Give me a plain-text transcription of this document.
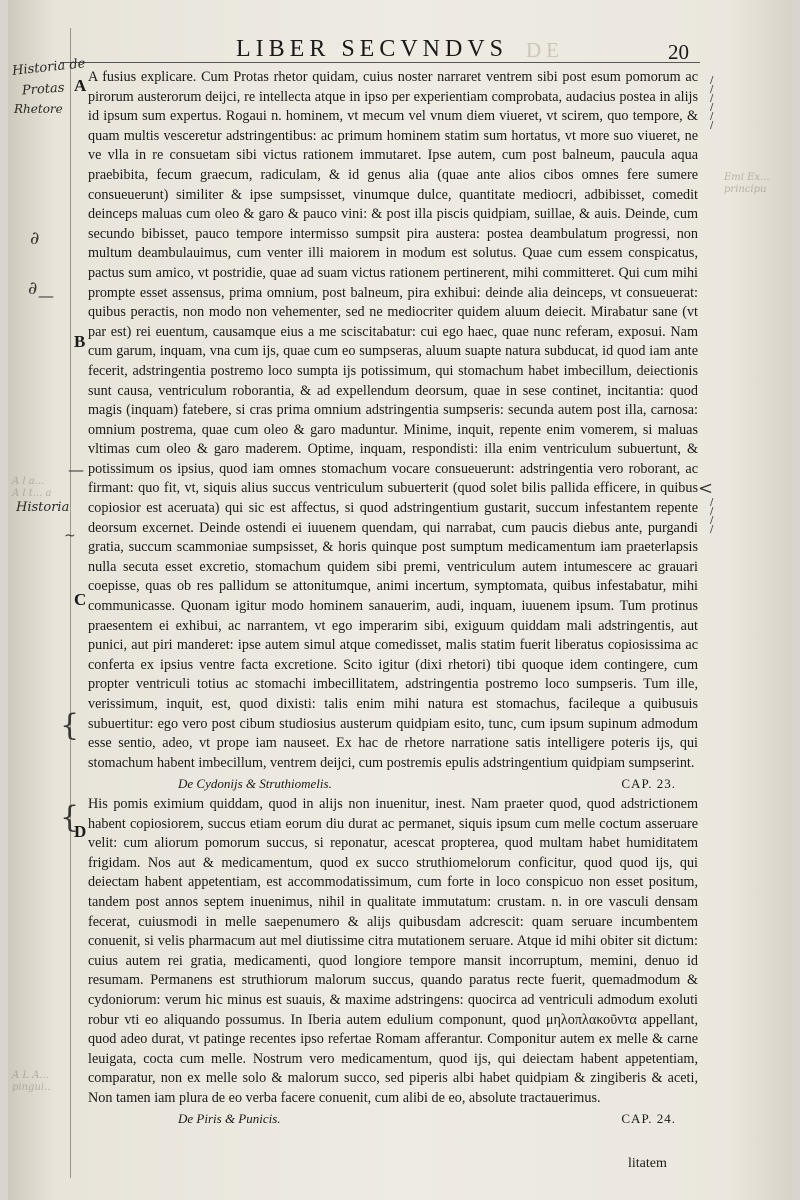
Emi Ex...
principu
A l a...
A l t... a
A L A...
pingui..
LIBER SECVNDVS DE	20
Historia de
Protas
Rhetore
Historia
∂
∂ —
—
{
{
~
<
/
/
/
/
/
/
/
/
/
/
A
B
C
D

A fusius explicare. Cum Protas rhetor quidam, cuius noster narraret ventrem sibi post esum pomorum ac pirorum austerorum deijci, re intellecta atque in ipso per experientiam comprobata, audacius postea in alijs id ipsum sum expertus. Rogaui n. hominem, vt mecum vel vnum diem viueret, vt scirem, quo tempore, & quam multis vesceretur adstringentibus: ac primum hominem statim sum hortatus, vt more suo viueret, ne ve vlla in re consuetam sibi victus rationem immutaret. Ipse autem, cum post balneum, paucula aqua praebibita, fecum graecum, radiculam, & id genus alia (quae ante alios cibos omnes fere sumere consueuerunt) similiter & ipse sumpsisset, vinumque dulce, quantitate mediocri, adbibisset, comedit deinceps maluas cum oleo & garo & pauco vini: & post illa piscis quidpiam, suillae, & auis. Deinde, cum secundo bibisset, pauco tempore intermisso sumpsit pira austera: postea deambulatum progressi, non multum deambulauimus, cum venter illi maiorem in modum est solutus. Quae cum essem conspicatus, pactus sum amico, vt postridie, quae ad suam victus rationem pertinerent, mihi committeret. Qui cum mihi prompte esset assensus, prima omnium, post balneum, pira exhibui: deinde alia deinceps, vt consueuerat: quibus peractis, non modo non vehementer, sed ne mediocriter quidem aluum deiecit. Mirabatur sane (vt par est) rei euentum, causamque eius a me sciscitabatur: cui ego haec, quae nunc referam, exposui. Nam cum garum, inquam, vna cum ijs, quae cum eo sumpseras, aluum suapte natura subducat, id quod iam ante fecerit, adstringentia postremo loco sumpta ijs potissimum, qui stomachum habet imbecillum, deiectionis sunt causa, ventriculum roborantia, & ad expellendum deorsum, quae in sese continet, incitantia: quod magis (inquam) fatebere, si cras prima omnium adstringentia sumpseris: secunda autem post illa, carnosa: omnium postrema, quae cum oleo & garo maduntur. Minime, inquit, repente enim vomerem, si maluas vltimas cum oleo & garo maderem. Optime, inquam, respondisti: illa enim ventriculum subuertunt, & potissimum os ipsius, quod iam omnes stomachum vocare consueuerunt: adstringentia vero roborant, ac firmant: quo fit, vt, siquis alius succus ventriculum subuerterit (quod solet bilis pallida efficere, in quibus copiosior est aceruata) qui sic est affectus, si quod adstringentium gustarit, succum infestantem repente deorsum excernet. Deinde ostendi ei iuuenem quendam, qui narrabat, cum paucis diebus ante, purgandi gratia, succum scammoniae sumpsisset, & horis quinque post sumptum medicamentum iam praeterlapsis nulla secuta esset excretio, stomachum quidem sibi premi, ventriculum autem intumescere ac grauari coepisse, quas ob res pallidum se attonitumque, animi incertum, symptomata, quibus infestabatur, mihi communicasse. Quonam igitur modo hominem sanauerim, audi, inquam, iuuenem ipsum. Tum protinus praesentem ei exhibui, ac narrantem, vt ego imperarim sibi, exiguum quiddam mali adstringentis, aut punici, aut piri manderet: ipse autem simul atque comedisset, malis statim fuerit liberatus copiosissima ac conferta ex ipsius ventre facta excretione. Scito igitur (dixi rhetori) tibi quoque idem contingere, cum propter ventriculi totius ac stomachi imbecillitatem, adstringentia postremo loco sumpseris. Tum ille, verissimum, inquit, est, quod dixisti: talis enim mihi natura est stomachus, facileque a quibusuis subuertitur: ego vero post cibum studiosius austerum quidpiam esito, tunc, cum ipsum supinum admodum esse sentio, adeo, vt prope iam nauseet. Ex hac de rhetore narratione satis intelligere poteris ijs, qui stomachum habent imbecillum, ventrem deijci, cum postremis epulis adstringentium quidpiam sumpserint.

De Cydonijs & Struthiomelis.	CAP. 23.

His pomis eximium quiddam, quod in alijs non inuenitur, inest. Nam praeter quod, quod adstrictionem habent copiosiorem, succus etiam eorum diu durat ac permanet, siquis ipsum cum melle coctum asseruare velit: cum aliorum pomorum succus, si reponatur, acescat propterea, quod multam habet humiditatem frigidam. Nos aut & medicamentum, quod ex succo struthiomelorum conficitur, quod quod ijs, qui deiectam habent appetentiam, est accommodatissimum, cum forte in loco conspicuo non esset positum, tandem post annos septem inuenimus, nihil in qualitate immutatum: crustam. n. in ore vasculi densam fecerat, cuiusmodi in melle saepenumero & alijs quibusdam adcrescit: quam seruare incumbentem conuenit, si velis pharmacum aut mel diutissime citra mutationem seruare. Atque id mihi obiter sit dictum: cuius autem rei gratia, medicamenti, quod longiore tempore mansit incorruptum, memini, denuo id resumam. Permanens est struthiorum malorum succus, quando paratus recte fuerit, quemadmodum & cydoniorum: verum hic minus est suauis, & maxime adstringens: quocirca ad ventriculi admodum exoluti robur vti eo aliquando possumus. In Iberia autem edulium componunt, quod μηλοπλακοῦντα appellant, quod adeo durat, vt patinge recentes ipso refertae Romam afferantur. Componitur autem ex melle & carne leuigata, cocta cum melle. Nostrum vero medicamentum, quod ijs, qui deiectam habent appetentiam, comparatur, non ex melle solo & malorum succo, sed piperis albi habet quidpiam & zingiberis & aceti, Non tamen iam plura de eo verba facere conuenit, cum alibi de eo, absolute tractauerimus.

De Piris & Punicis.	CAP. 24.

litatem
